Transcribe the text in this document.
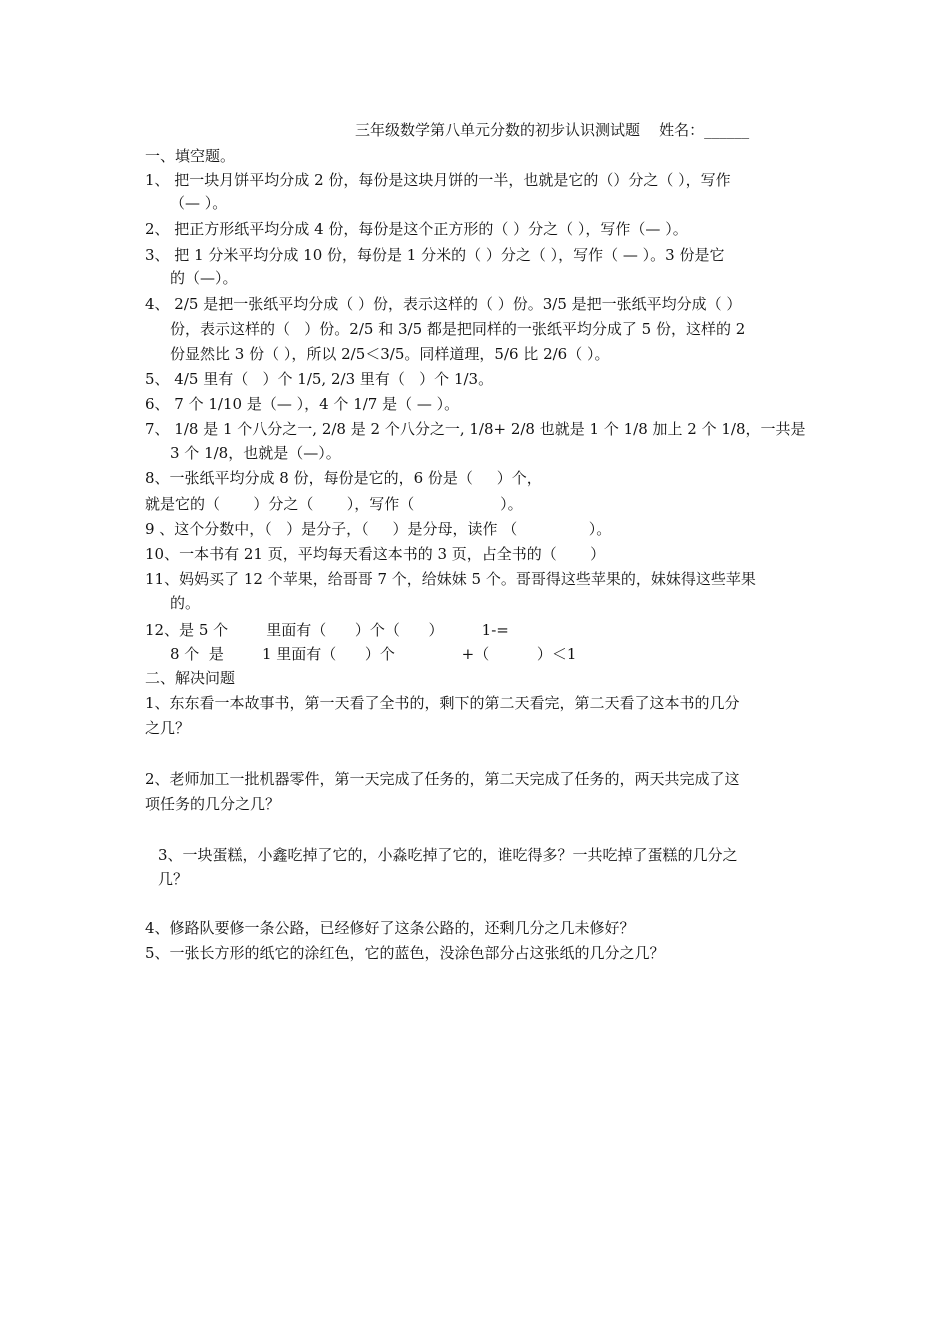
三年级数学第八单元分数的初步认识测试题    姓名：______
一、填空题。
1、 把一块月饼平均分成 2 份，每份是这块月饼的一半，也就是它的（）分之（ ），写作
（— ）。
2、 把正方形纸平均分成 4 份，每份是这个正方形的（ ）分之（ ），写作（— ）。
3、 把 1 分米平均分成 10 份，每份是 1 分米的（ ）分之（ ），写作（ — ）。3 份是它
的（—）。
4、 2/5 是把一张纸平均分成（ ）份，表示这样的（ ）份。3/5 是把一张纸平均分成（ ）
份，表示这样的（   ）份。2/5 和 3/5 都是把同样的一张纸平均分成了 5 份，这样的 2
份显然比 3 份（ ），所以 2/5＜3/5。同样道理，5/6 比 2/6（ ）。
5、 4/5 里有（   ）个 1/5, 2/3 里有（   ）个 1/3。
6、 7 个 1/10 是（— ），4 个 1/7 是（ — ）。
7、 1/8 是 1 个八分之一, 2/8 是 2 个八分之一, 1/8+ 2/8 也就是 1 个 1/8 加上 2 个 1/8，一共是
3 个 1/8，也就是（—）。
8、一张纸平均分成 8 份，每份是它的，6 份是（     ）个，
就是它的（       ）分之（       ），写作（                  ）。
9 、这个分数中，（   ）是分子，（     ）是分母，读作 （               ）。
10、一本书有 21 页，平均每天看这本书的 3 页，占全书的（       ）
11、妈妈买了 12 个苹果，给哥哥 7 个，给妹妹 5 个。哥哥得这些苹果的，妹妹得这些苹果
的。
12、是 5 个        里面有（      ）个（      ）        1-=
8 个  是        1 里面有（      ）个              +（          ）＜1
二、解决问题
1、东东看一本故事书，第一天看了全书的，剩下的第二天看完，第二天看了这本书的几分
之几？
2、老师加工一批机器零件，第一天完成了任务的，第二天完成了任务的，两天共完成了这
项任务的几分之几？
3、一块蛋糕，小鑫吃掉了它的，小淼吃掉了它的，谁吃得多？一共吃掉了蛋糕的几分之
几？
4、修路队要修一条公路，已经修好了这条公路的，还剩几分之几未修好？
5、一张长方形的纸它的涂红色，它的蓝色，没涂色部分占这张纸的几分之几？
